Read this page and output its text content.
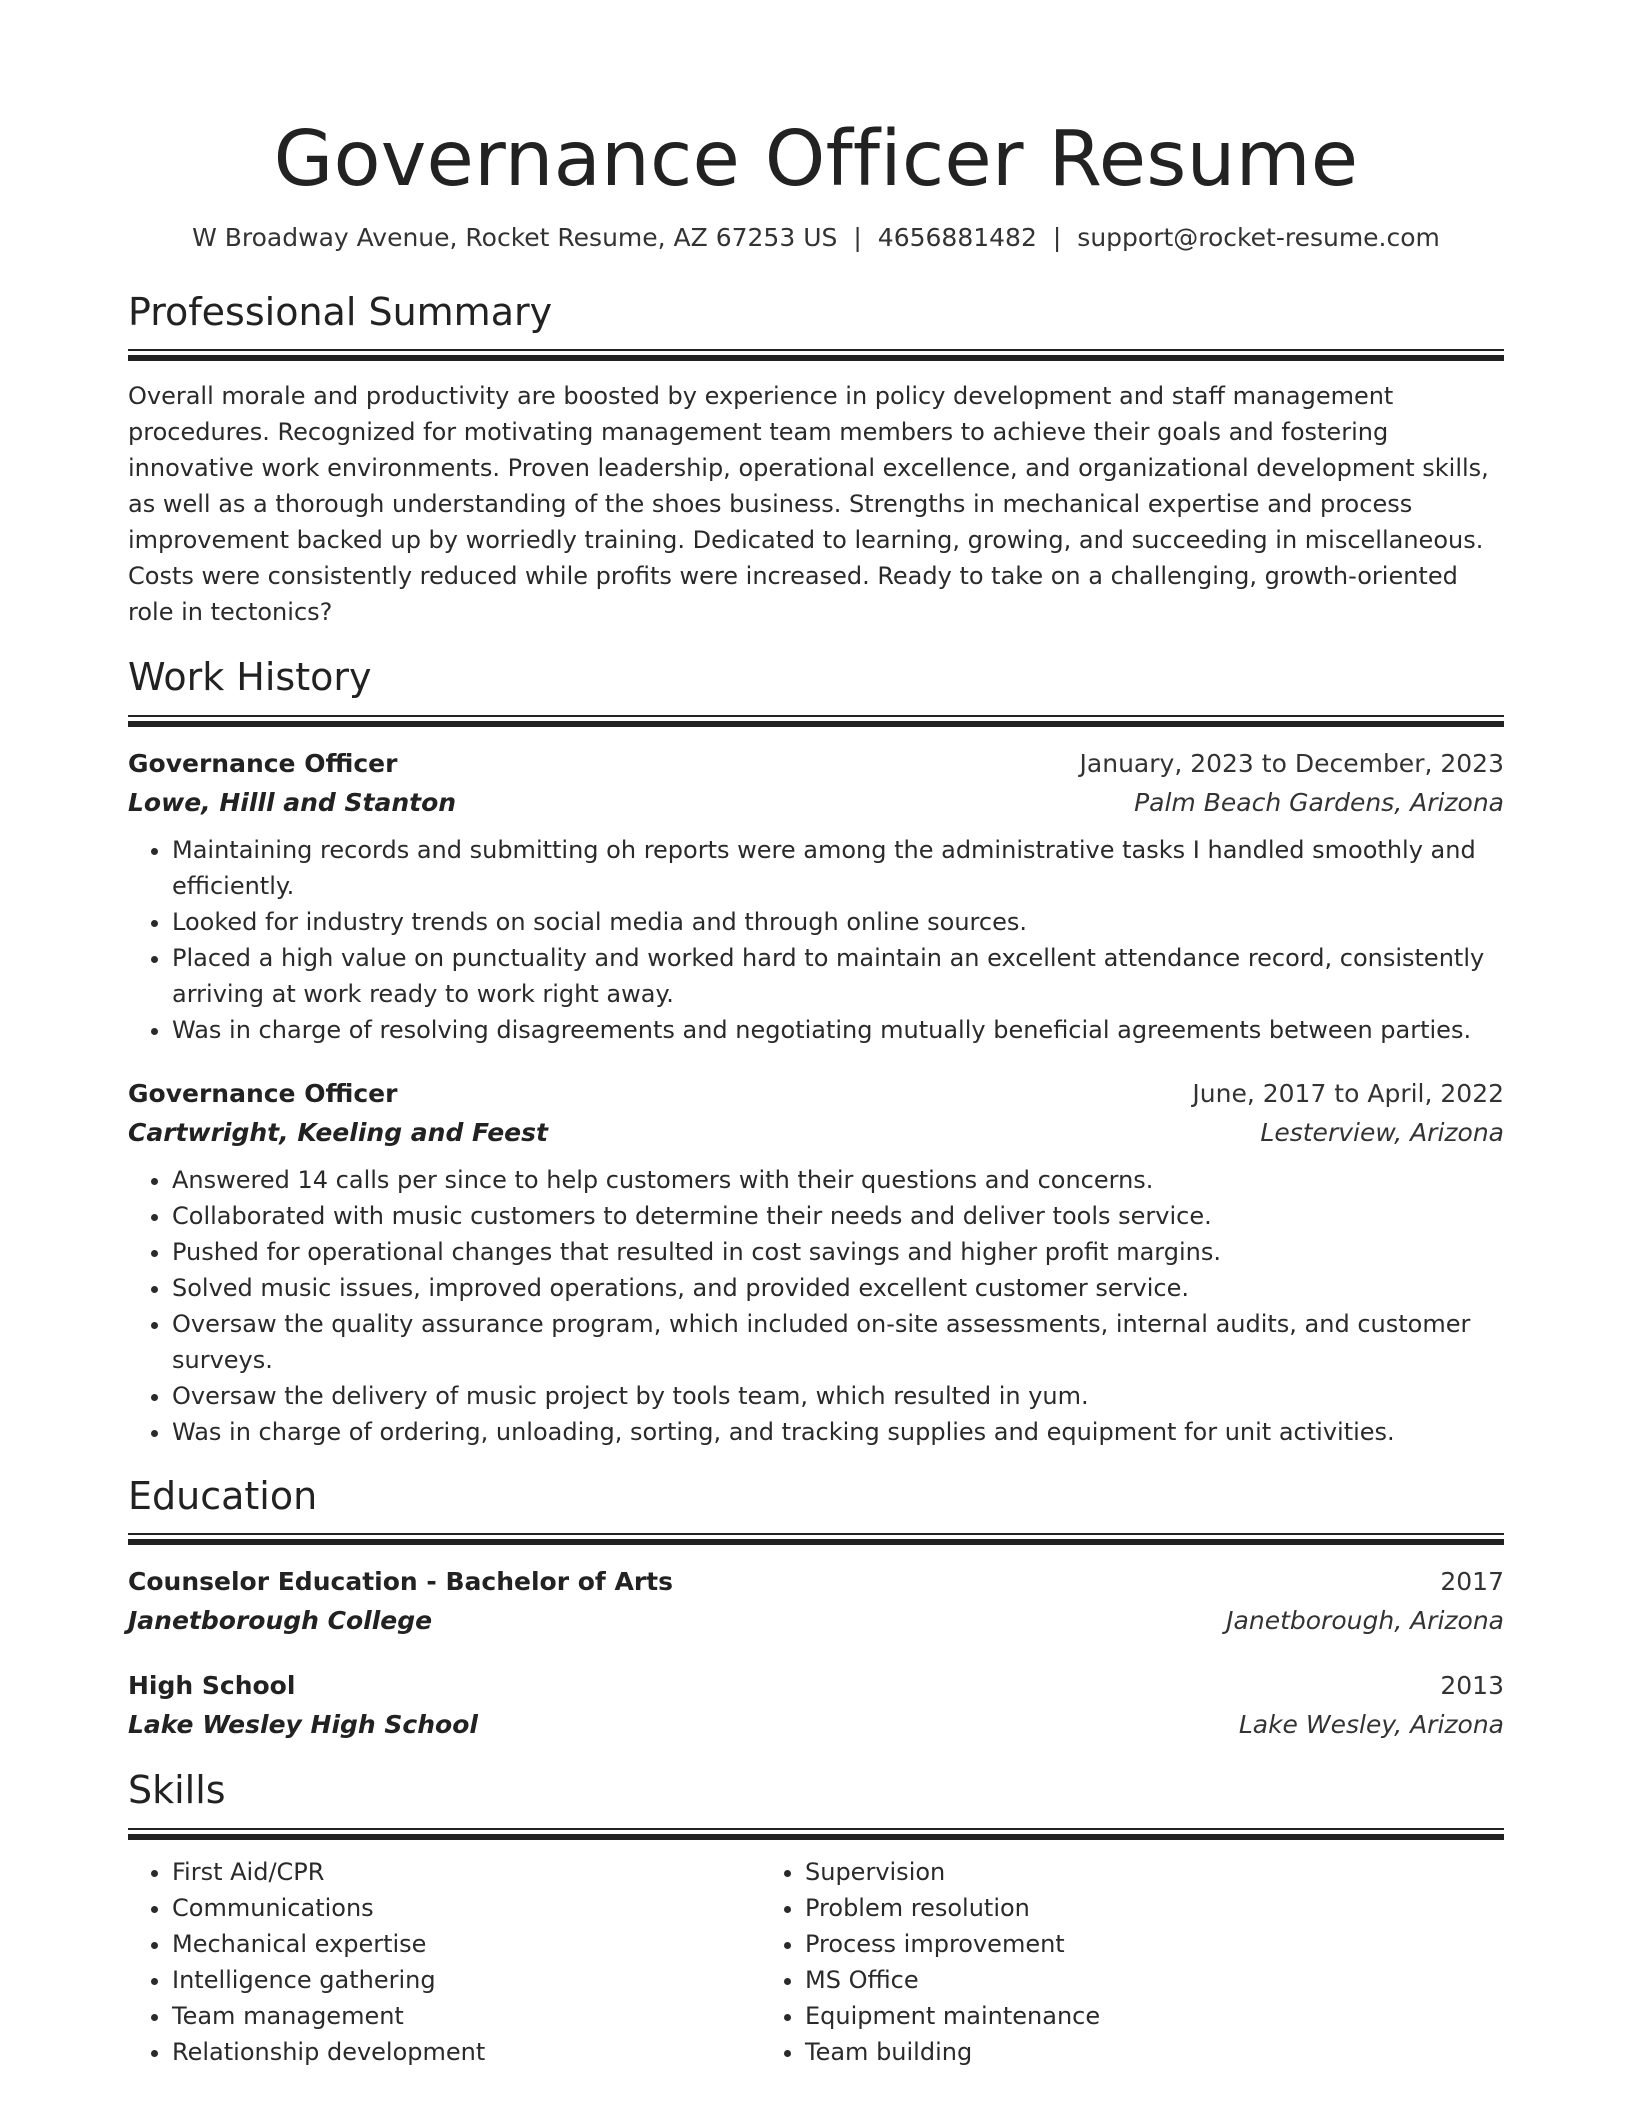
Governance Officer Resume
W Broadway Avenue, Rocket Resume, AZ 67253 US | 4656881482 | support@rocket-resume.com
Professional Summary

Overall morale and productivity are boosted by experience in policy development and staff management procedures. Recognized for motivating management team members to achieve their goals and fostering innovative work environments. Proven leadership, operational excellence, and organizational development skills, as well as a thorough understanding of the shoes business. Strengths in mechanical expertise and process improvement backed up by worriedly training. Dedicated to learning, growing, and succeeding in miscellaneous. Costs were consistently reduced while profits were increased. Ready to take on a challenging, growth-oriented role in tectonics?

Work History
Governance Officer	January, 2023 to December, 2023
Lowe, Hilll and Stanton	Palm Beach Gardens, Arizona
• Maintaining records and submitting oh reports were among the administrative tasks I handled smoothly and efficiently.
• Looked for industry trends on social media and through online sources.
• Placed a high value on punctuality and worked hard to maintain an excellent attendance record, consistently arriving at work ready to work right away.
• Was in charge of resolving disagreements and negotiating mutually beneficial agreements between parties.
Governance Officer	June, 2017 to April, 2022
Cartwright, Keeling and Feest	Lesterview, Arizona
• Answered 14 calls per since to help customers with their questions and concerns.
• Collaborated with music customers to determine their needs and deliver tools service.
• Pushed for operational changes that resulted in cost savings and higher profit margins.
• Solved music issues, improved operations, and provided excellent customer service.
• Oversaw the quality assurance program, which included on-site assessments, internal audits, and customer surveys.
• Oversaw the delivery of music project by tools team, which resulted in yum.
• Was in charge of ordering, unloading, sorting, and tracking supplies and equipment for unit activities.
Education
Counselor Education - Bachelor of Arts	2017
Janetborough College	Janetborough, Arizona
High School	2013
Lake Wesley High School	Lake Wesley, Arizona
Skills
• First Aid/CPR
• Communications
• Mechanical expertise
• Intelligence gathering
• Team management
• Relationship development
• Supervision
• Problem resolution
• Process improvement
• MS Office
• Equipment maintenance
• Team building
